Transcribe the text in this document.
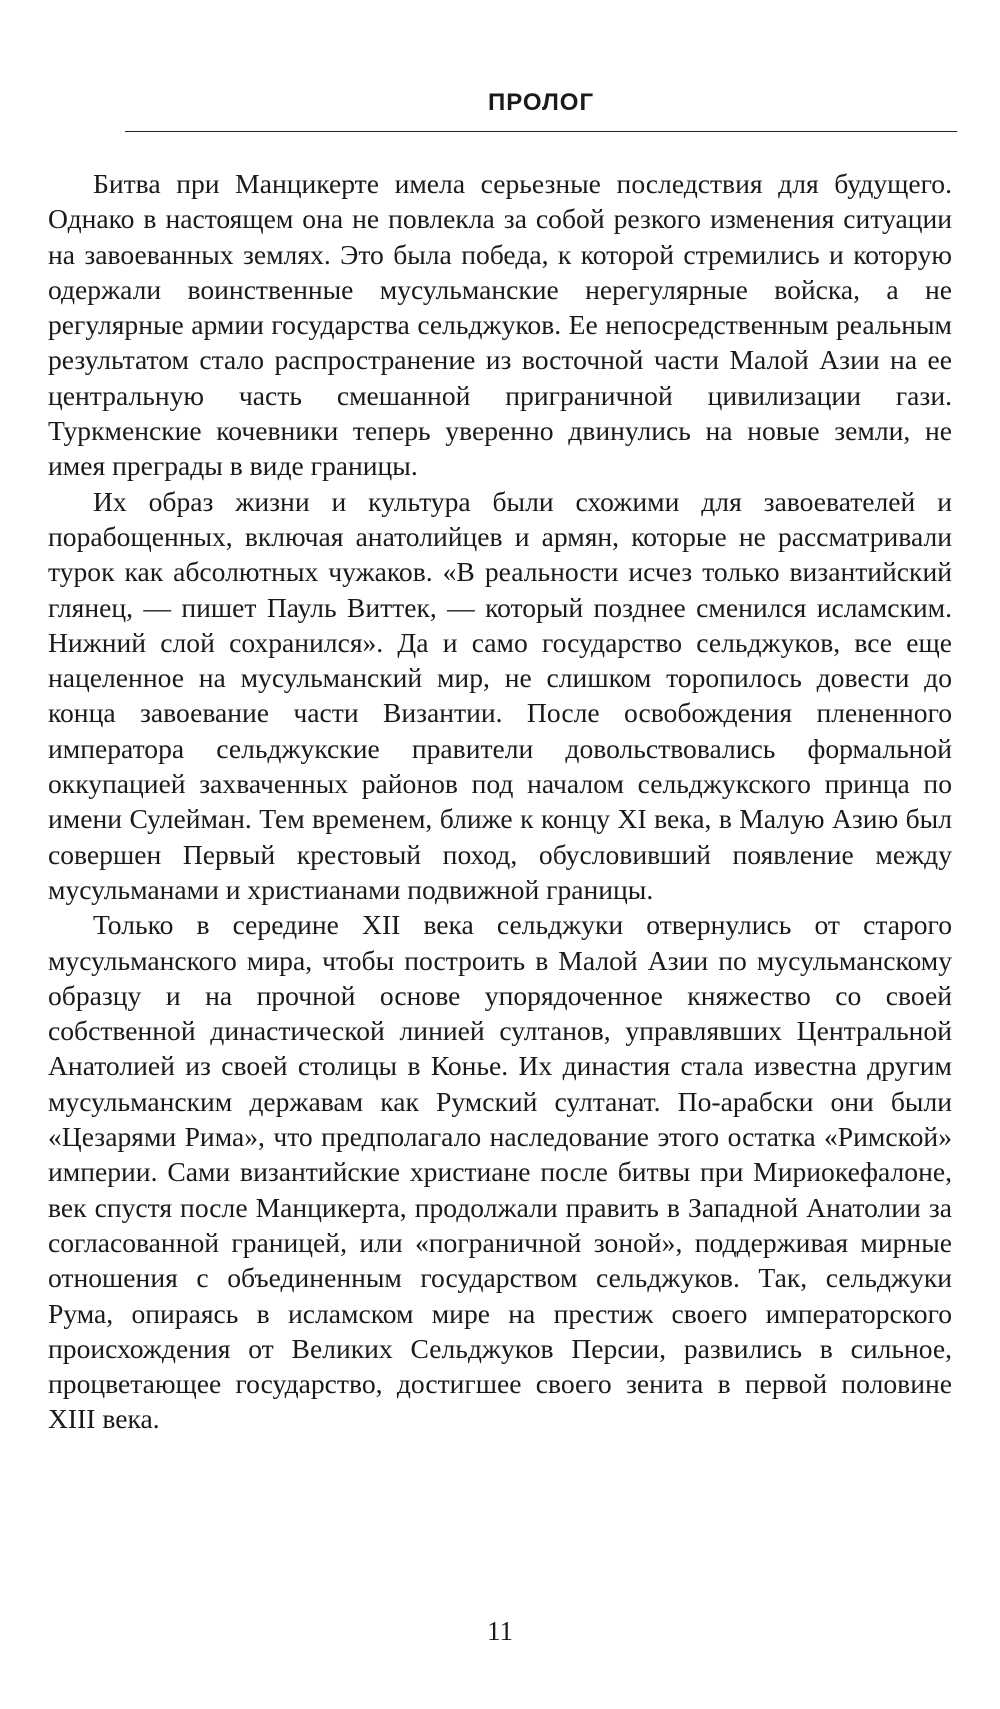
ПРОЛОГ

Битва при Манцикерте имела серьезные последствия для будущего. Однако в настоящем она не повлекла за собой резкого изменения ситуации на завоеванных землях. Это была победа, к которой стремились и которую одержали воинственные мусульманские нерегулярные войска, а не регулярные армии государства сельджуков. Ее непосредственным реальным результатом стало распространение из восточной части Малой Азии на ее центральную часть смешанной приграничной цивилизации гази. Туркменские кочевники теперь уверенно двинулись на новые земли, не имея преграды в виде границы.

Их образ жизни и культура были схожими для завоевателей и порабощенных, включая анатолийцев и армян, которые не рассматривали турок как абсолютных чужаков. «В реальности исчез только византийский глянец, — пишет Пауль Виттек, — который позднее сменился исламским. Нижний слой сохранился». Да и само государство сельджуков, все еще нацеленное на мусульманский мир, не слишком торопилось довести до конца завоевание части Византии. После освобождения плененного императора сельджукские правители довольствовались формальной оккупацией захваченных районов под началом сельджукского принца по имени Сулейман. Тем временем, ближе к концу XI века, в Малую Азию был совершен Первый крестовый поход, обусловивший появление между мусульманами и христианами подвижной границы.

Только в середине XII века сельджуки отвернулись от старого мусульманского мира, чтобы построить в Малой Азии по мусульманскому образцу и на прочной основе упорядоченное княжество со своей собственной династической линией султанов, управлявших Центральной Анатолией из своей столицы в Конье. Их династия стала известна другим мусульманским державам как Румский султанат. По-арабски они были «Цезарями Рима», что предполагало наследование этого остатка «Римской» империи. Сами византийские христиане после битвы при Мириокефалоне, век спустя после Манцикерта, продолжали править в Западной Анатолии за согласованной границей, или «пограничной зоной», поддерживая мирные отношения с объединенным государством сельджуков. Так, сельджуки Рума, опираясь в исламском мире на престиж своего императорского происхождения от Великих Сельджуков Персии, развились в сильное, процветающее государство, достигшее своего зенита в первой половине XIII века.

11
